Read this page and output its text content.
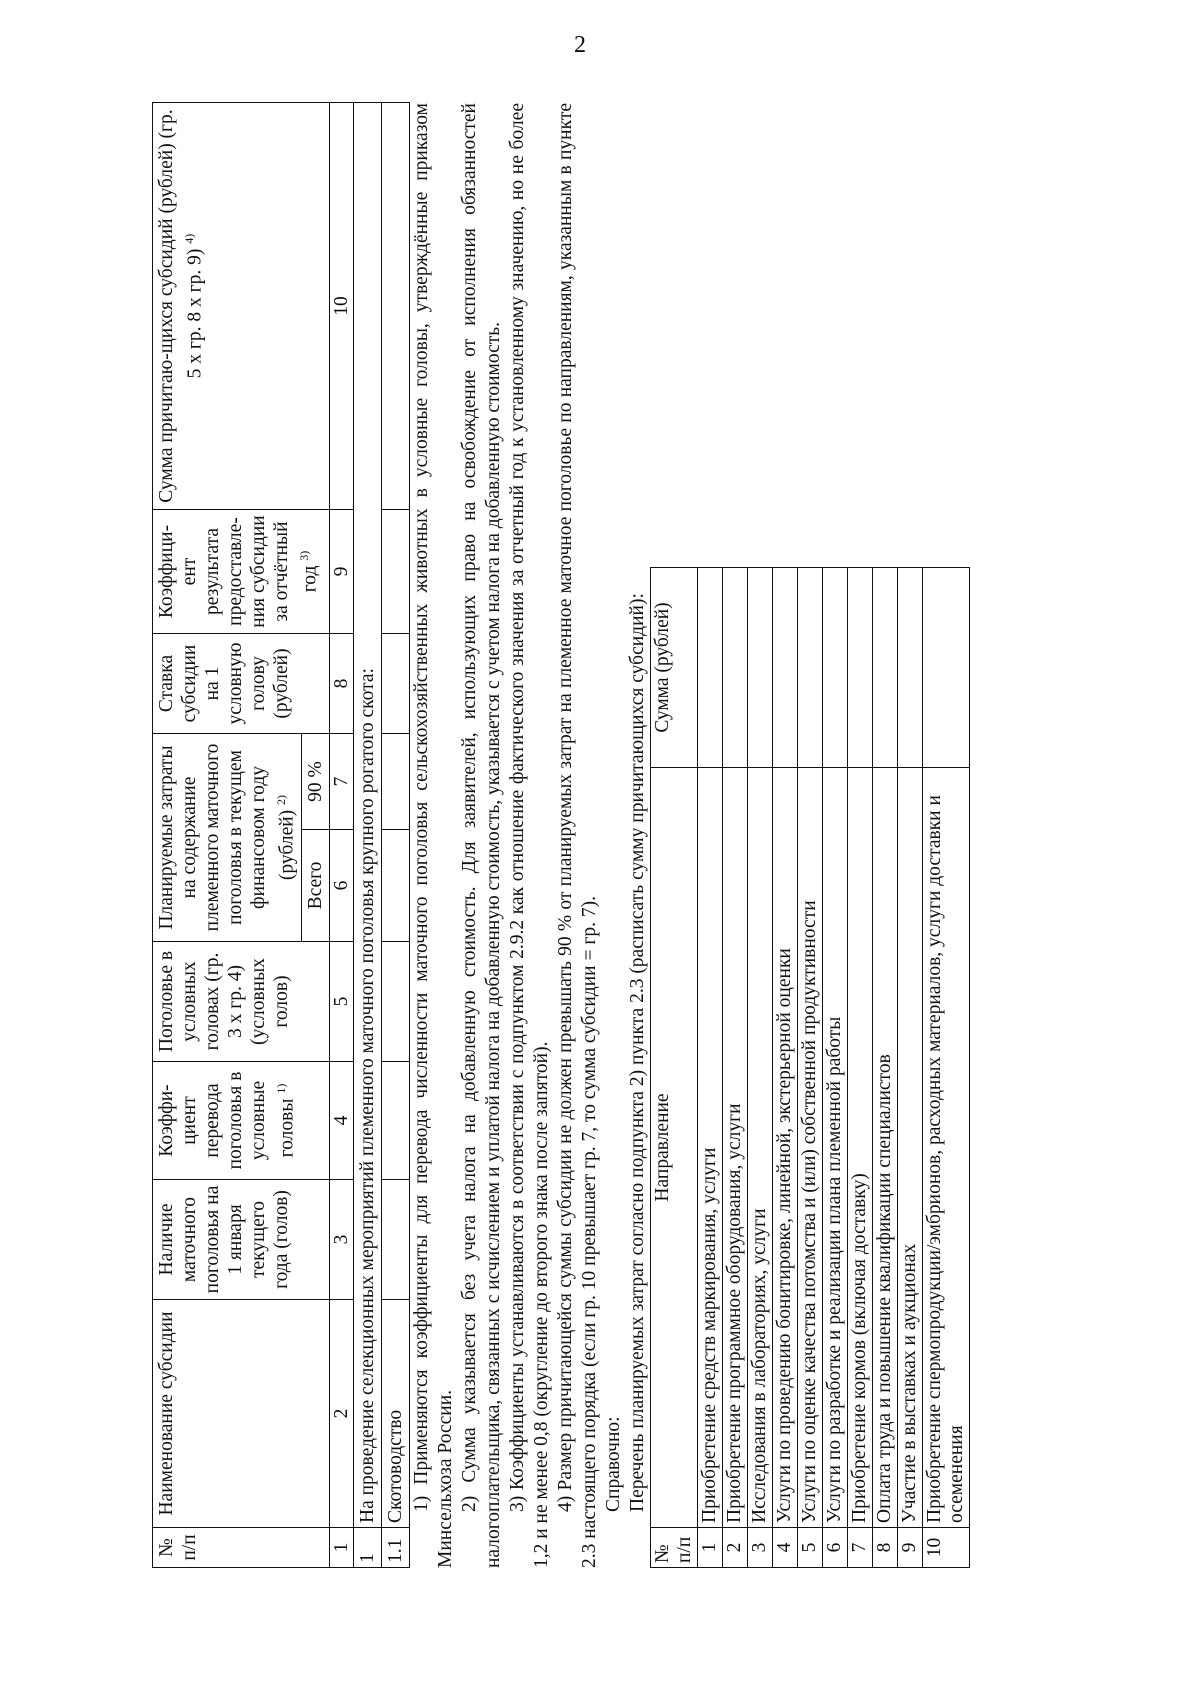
2
№ п/п	Наименование субсидии	Наличие маточного поголовья на 1 января текущего года (голов)	Коэффи-циент перевода поголовья в условные головы $^{1)}$	Поголовье в условных головах (гр. 3 х гр. 4) (условных голов)	Планируемые затраты на содержание племенного маточного поголовья в текущем финансовом году (рублей) $^{2)}$		Ставка субсидии на 1 условную голову (рублей)	Коэффици-ент результата предоставле-ния субсидии за отчётный год $^{3)}$	Сумма причитаю-щихся субсидий (рублей) (гр. 5 х гр. 8 х гр. 9) $^{4)}$
					Всего	90 %			
1	2	3	4	5	6	7	8	9	10
1	На проведение селекционных мероприятий племенного маточного поголовья крупного рогатого скота:								
1.1	Скотоводство								1) Применяются коэффициенты для перевода численности маточного поголовья сельскохозяйственных животных в условные головы, утверждённые приказом Минсельхоза России. 2) Сумма указывается без учета налога на добавленную стоимость. Для заявителей, использующих право на освобождение от исполнения обязанностей налогоплательщика, связанных с исчислением и уплатой налога на добавленную стоимость, указывается с учетом налога на добавленную стоимость. 3) Коэффициенты устанавливаются в соответствии с подпунктом 2.9.2 как отношение фактического значения за отчетный год к установленному значению, но не более 1,2 и не менее 0,8 (округление до второго знака после запятой). 4) Размер причитающейся суммы субсидии не должен превышать 90 % от планируемых затрат на племенное маточное поголовье по направлениям, указанным в пункте 2.3 настоящего порядка (если гр. 10 превышает гр. 7, то сумма субсидии = гр. 7). Справочно: Перечень планируемых затрат согласно подпункта 2) пункта 2.3 (расписать сумму причитающихся субсидий):

№ п/п	Направление	Сумма (рублей)
1	Приобретение средств маркирования, услуги	
2	Приобретение программное оборудования, услуги	
3	Исследования в лабораториях, услуги	
4	Услуги по проведению бонитировке, линейной, экстерьерной оценки	
5	Услуги по оценке качества потомства и (или) собственной продуктивности	
6	Услуги по разработке и реализации плана племенной работы	
7	Приобретение кормов (включая доставку)	
8	Оплата труда и повышение квалификации специалистов	
9	Участие в выставках и аукционах	
10	Приобретение спермопродукции/эмбрионов, расходных материалов, услуги доставки и осеменения	
